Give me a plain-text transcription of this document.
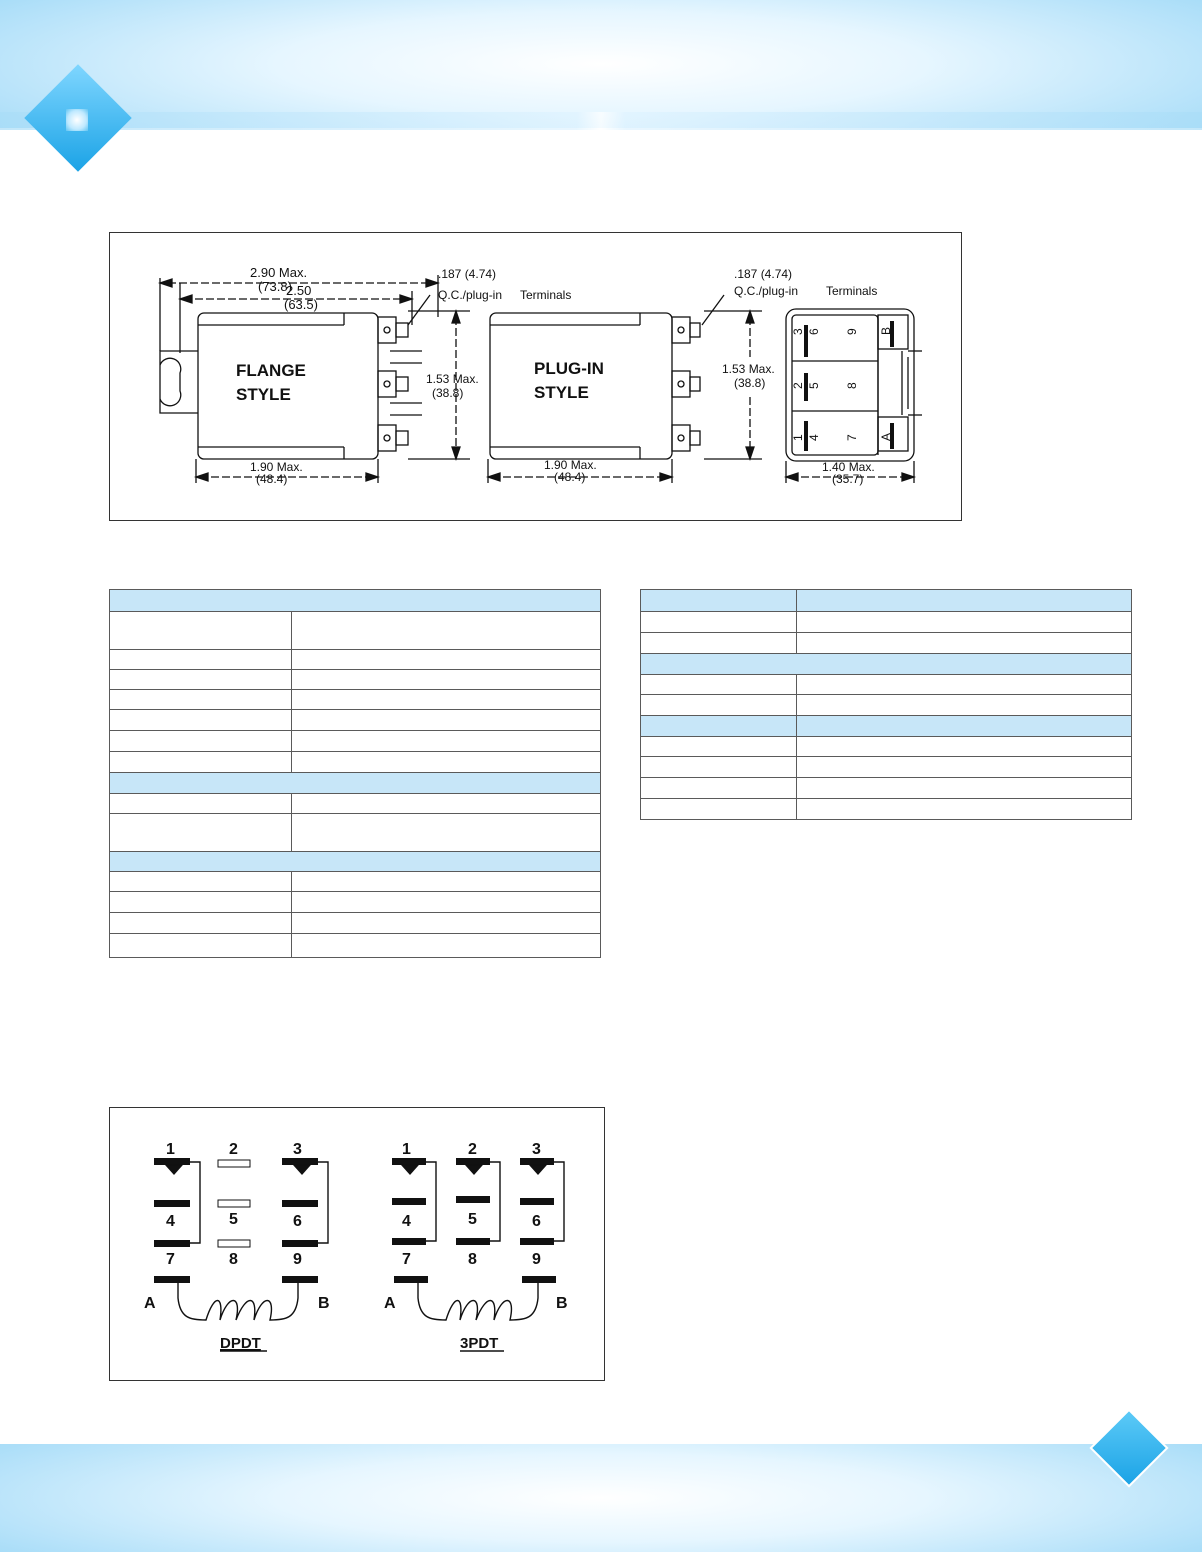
FLANGE
STYLE
2.90 Max.
(73.8)
2.50
(63.5)
.187 (4.74)
Q.C./plug-in Terminals
1.53 Max.
(38.8)
1.90 Max.
(48.4)
PLUG-IN
STYLE
.187 (4.74)
Q.C./plug-in Terminals
1.53 Max.
(38.8)
1.90 Max.
(48.4)
3 6 9 B
2 5 8
1 4 7 A
1.40 Max.
(35.7)

1	2	3
4	5	6
7	8	9
A	B
DPDT
1	2	3
4	5	6
7	8	9
A	B
3PDT
